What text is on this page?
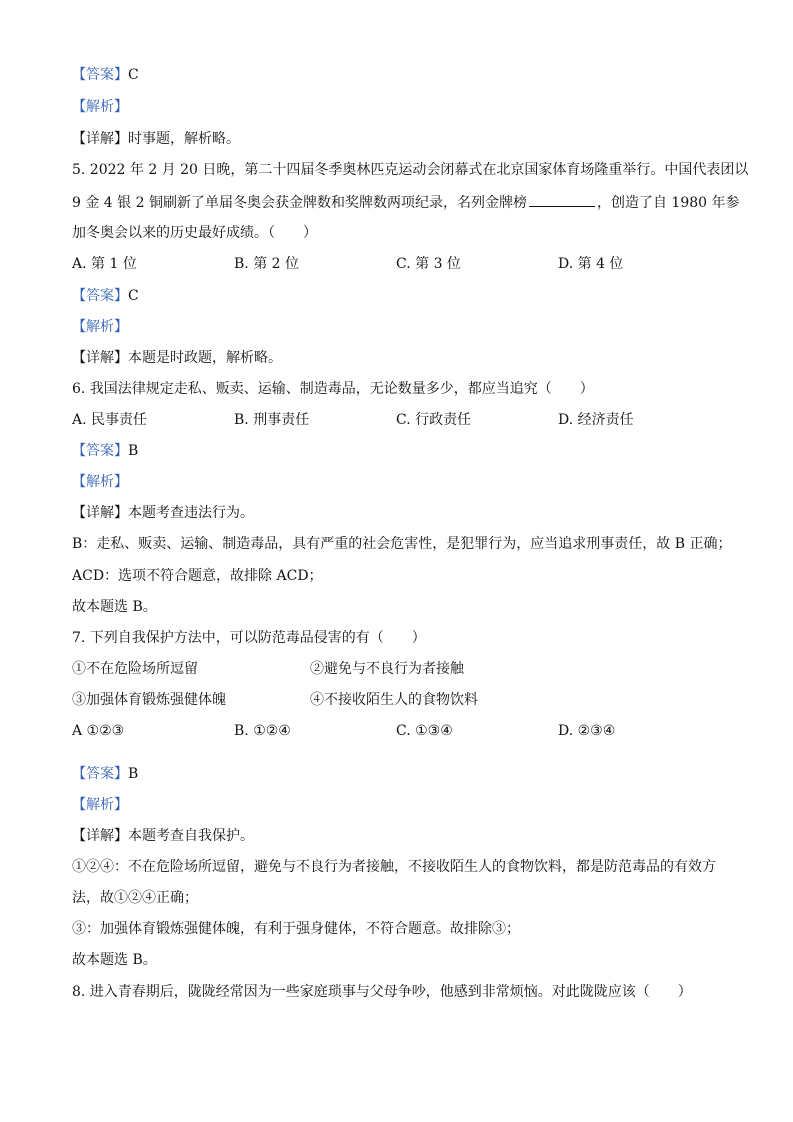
【答案】C
【解析】
【详解】时事题，解析略。
5. 2022 年 2 月 20 日晚，第二十四届冬季奥林匹克运动会闭幕式在北京国家体育场隆重举行。中国代表团以
9 金 4 银 2 铜刷新了单届冬奥会获金牌数和奖牌数两项纪录，名列金牌榜	，创造了自 1980 年参
加冬奥会以来的历史最好成绩。（　　）
A. 第 1 位	B. 第 2 位	C. 第 3 位	D. 第 4 位
【答案】C
【解析】
【详解】本题是时政题，解析略。
6. 我国法律规定走私、贩卖、运输、制造毒品，无论数量多少，都应当追究（　　）
A. 民事责任	B. 刑事责任	C. 行政责任	D. 经济责任
【答案】B
【解析】
【详解】本题考查违法行为。
B：走私、贩卖、运输、制造毒品，具有严重的社会危害性，是犯罪行为，应当追求刑事责任，故 B 正确；
ACD：选项不符合题意，故排除 ACD；
故本题选 B。
7. 下列自我保护方法中，可以防范毒品侵害的有（　　）
①不在危险场所逗留	②避免与不良行为者接触
③加强体育锻炼强健体魄	④不接收陌生人的食物饮料
A ①②③	B. ①②④	C. ①③④	D. ②③④
【答案】B
【解析】
【详解】本题考查自我保护。
①②④：不在危险场所逗留，避免与不良行为者接触，不接收陌生人的食物饮料，都是防范毒品的有效方
法，故①②④正确；
③：加强体育锻炼强健体魄，有利于强身健体，不符合题意。故排除③；
故本题选 B。
8. 进入青春期后，陇陇经常因为一些家庭琐事与父母争吵，他感到非常烦恼。对此陇陇应该（　　）
